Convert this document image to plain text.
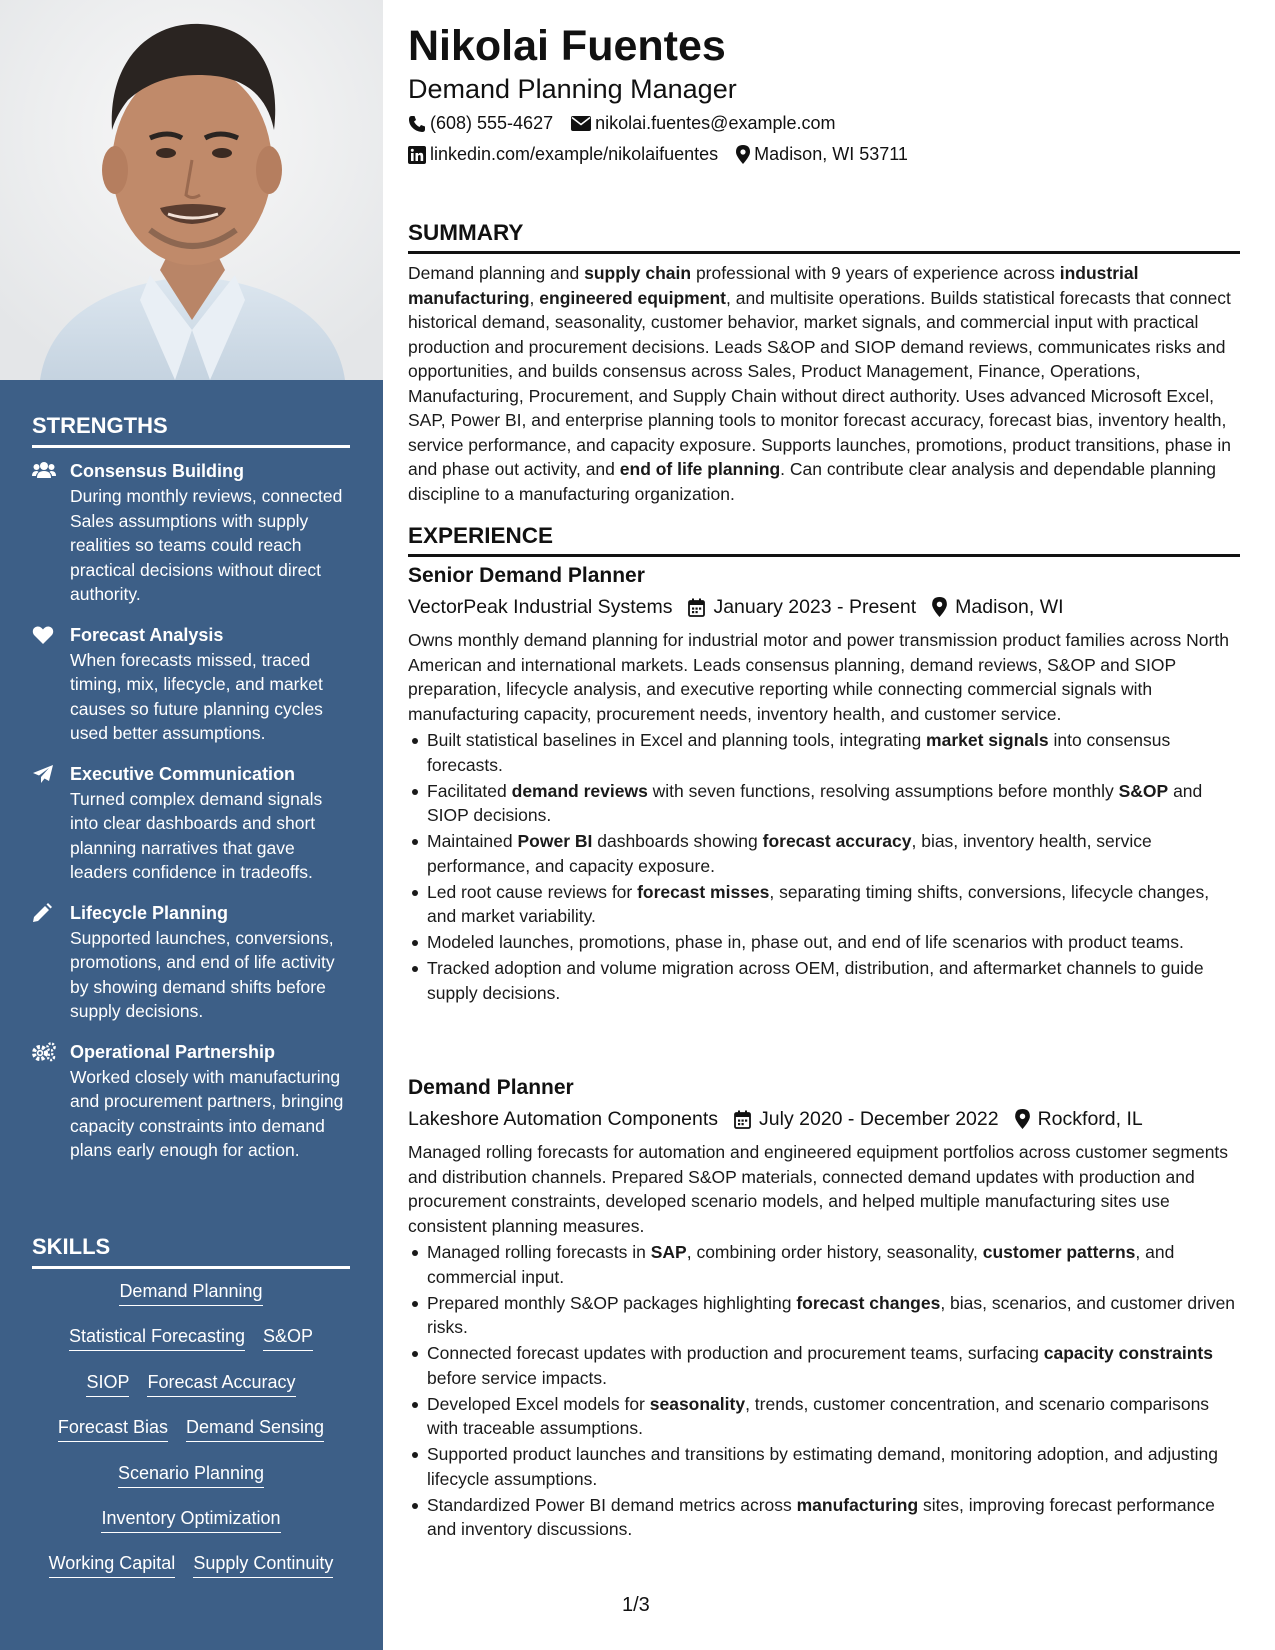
STRENGTHS
Consensus Building
During monthly reviews, connected Sales assumptions with supply realities so teams could reach practical decisions without direct authority.
Forecast Analysis
When forecasts missed, traced timing, mix, lifecycle, and market causes so future planning cycles used better assumptions.
Executive Communication
Turned complex demand signals into clear dashboards and short planning narratives that gave leaders confidence in tradeoffs.
Lifecycle Planning
Supported launches, conversions, promotions, and end of life activity by showing demand shifts before supply decisions.
Operational Partnership
Worked closely with manufacturing and procurement partners, bringing capacity constraints into demand plans early enough for action.
SKILLS
Demand Planning
Statistical Forecasting S&OP
SIOP Forecast Accuracy
Forecast Bias Demand Sensing
Scenario Planning
Inventory Optimization
Working Capital Supply Continuity
Nikolai Fuentes
Demand Planning Manager
(608) 555-4627 nikolai.fuentes@example.com
linkedin.com/example/nikolaifuentes Madison, WI 53711
SUMMARY
Demand planning and supply chain professional with 9 years of experience across industrial manufacturing, engineered equipment, and multisite operations. Builds statistical forecasts that connect historical demand, seasonality, customer behavior, market signals, and commercial input with practical production and procurement decisions. Leads S&OP and SIOP demand reviews, communicates risks and opportunities, and builds consensus across Sales, Product Management, Finance, Operations, Manufacturing, Procurement, and Supply Chain without direct authority. Uses advanced Microsoft Excel, SAP, Power BI, and enterprise planning tools to monitor forecast accuracy, forecast bias, inventory health, service performance, and capacity exposure. Supports launches, promotions, product transitions, phase in and phase out activity, and end of life planning. Can contribute clear analysis and dependable planning discipline to a manufacturing organization.
EXPERIENCE
Senior Demand Planner
VectorPeak Industrial Systems January 2023 - Present Madison, WI
Owns monthly demand planning for industrial motor and power transmission product families across North American and international markets. Leads consensus planning, demand reviews, S&OP and SIOP preparation, lifecycle analysis, and executive reporting while connecting commercial signals with manufacturing capacity, procurement needs, inventory health, and customer service.
Built statistical baselines in Excel and planning tools, integrating market signals into consensus forecasts.
Facilitated demand reviews with seven functions, resolving assumptions before monthly S&OP and SIOP decisions.
Maintained Power BI dashboards showing forecast accuracy, bias, inventory health, service performance, and capacity exposure.
Led root cause reviews for forecast misses, separating timing shifts, conversions, lifecycle changes, and market variability.
Modeled launches, promotions, phase in, phase out, and end of life scenarios with product teams.
Tracked adoption and volume migration across OEM, distribution, and aftermarket channels to guide supply decisions.
Demand Planner
Lakeshore Automation Components July 2020 - December 2022 Rockford, IL
Managed rolling forecasts for automation and engineered equipment portfolios across customer segments and distribution channels. Prepared S&OP materials, connected demand updates with production and procurement constraints, developed scenario models, and helped multiple manufacturing sites use consistent planning measures.
Managed rolling forecasts in SAP, combining order history, seasonality, customer patterns, and commercial input.
Prepared monthly S&OP packages highlighting forecast changes, bias, scenarios, and customer driven risks.
Connected forecast updates with production and procurement teams, surfacing capacity constraints before service impacts.
Developed Excel models for seasonality, trends, customer concentration, and scenario comparisons with traceable assumptions.
Supported product launches and transitions by estimating demand, monitoring adoption, and adjusting lifecycle assumptions.
Standardized Power BI demand metrics across manufacturing sites, improving forecast performance and inventory discussions.
1/3
